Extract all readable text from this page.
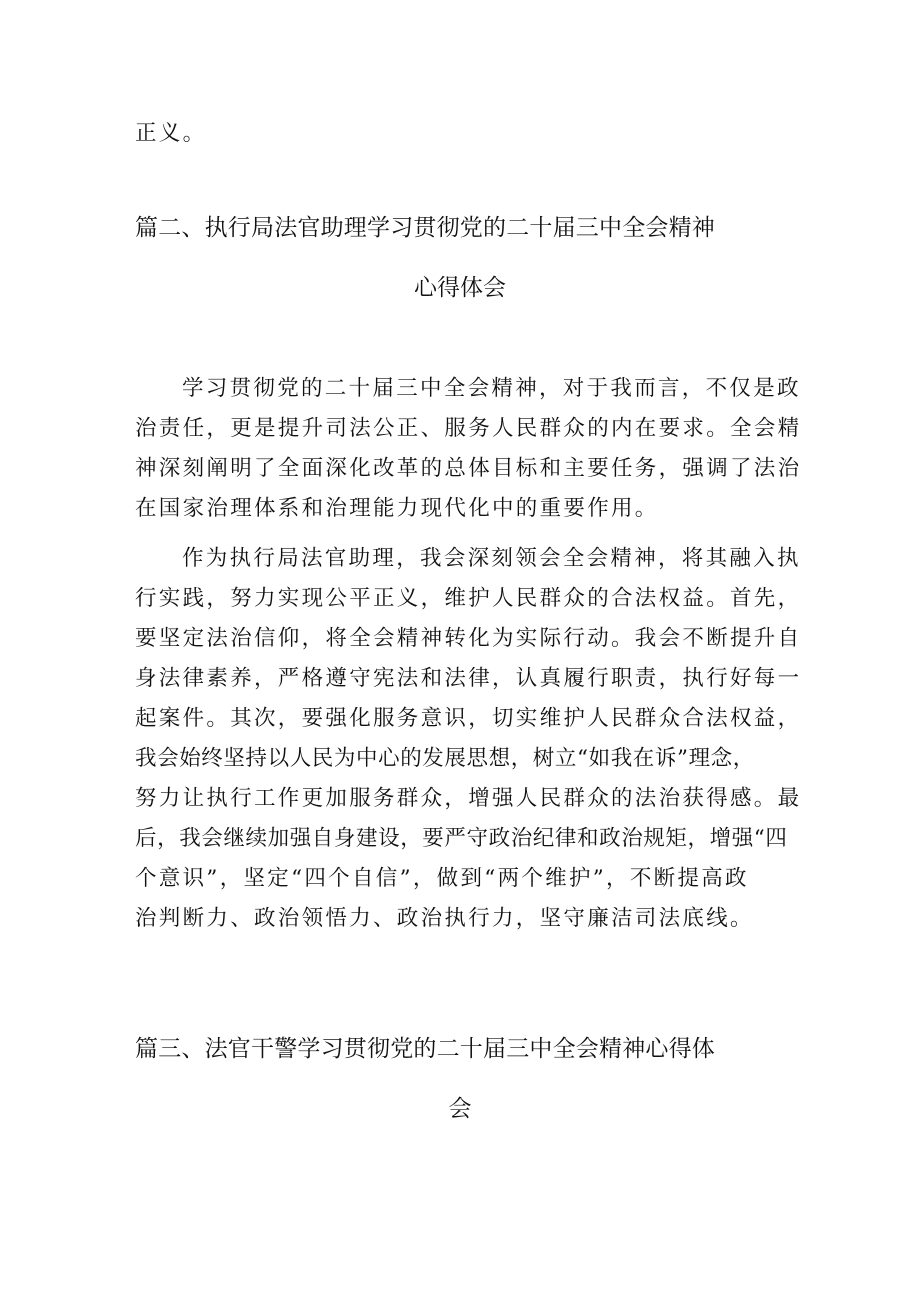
正义。
篇二、执行局法官助理学习贯彻党的二十届三中全会精神
心得体会
学习贯彻党的二十届三中全会精神，对于我而言，不仅是政
治责任，更是提升司法公正、服务人民群众的内在要求。全会精
神深刻阐明了全面深化改革的总体目标和主要任务，强调了法治
在国家治理体系和治理能力现代化中的重要作用。
作为执行局法官助理，我会深刻领会全会精神，将其融入执
行实践，努力实现公平正义，维护人民群众的合法权益。首先，
要坚定法治信仰，将全会精神转化为实际行动。我会不断提升自
身法律素养，严格遵守宪法和法律，认真履行职责，执行好每一
起案件。其次，要强化服务意识，切实维护人民群众合法权益，
我会始终坚持以人民为中心的发展思想，树立“如我在诉”理念，
努力让执行工作更加服务群众，增强人民群众的法治获得感。最
后，我会继续加强自身建设，要严守政治纪律和政治规矩，增强“四
个意识”，坚定“四个自信”，做到“两个维护”，不断提高政
治判断力、政治领悟力、政治执行力，坚守廉洁司法底线。
篇三、法官干警学习贯彻党的二十届三中全会精神心得体
会
